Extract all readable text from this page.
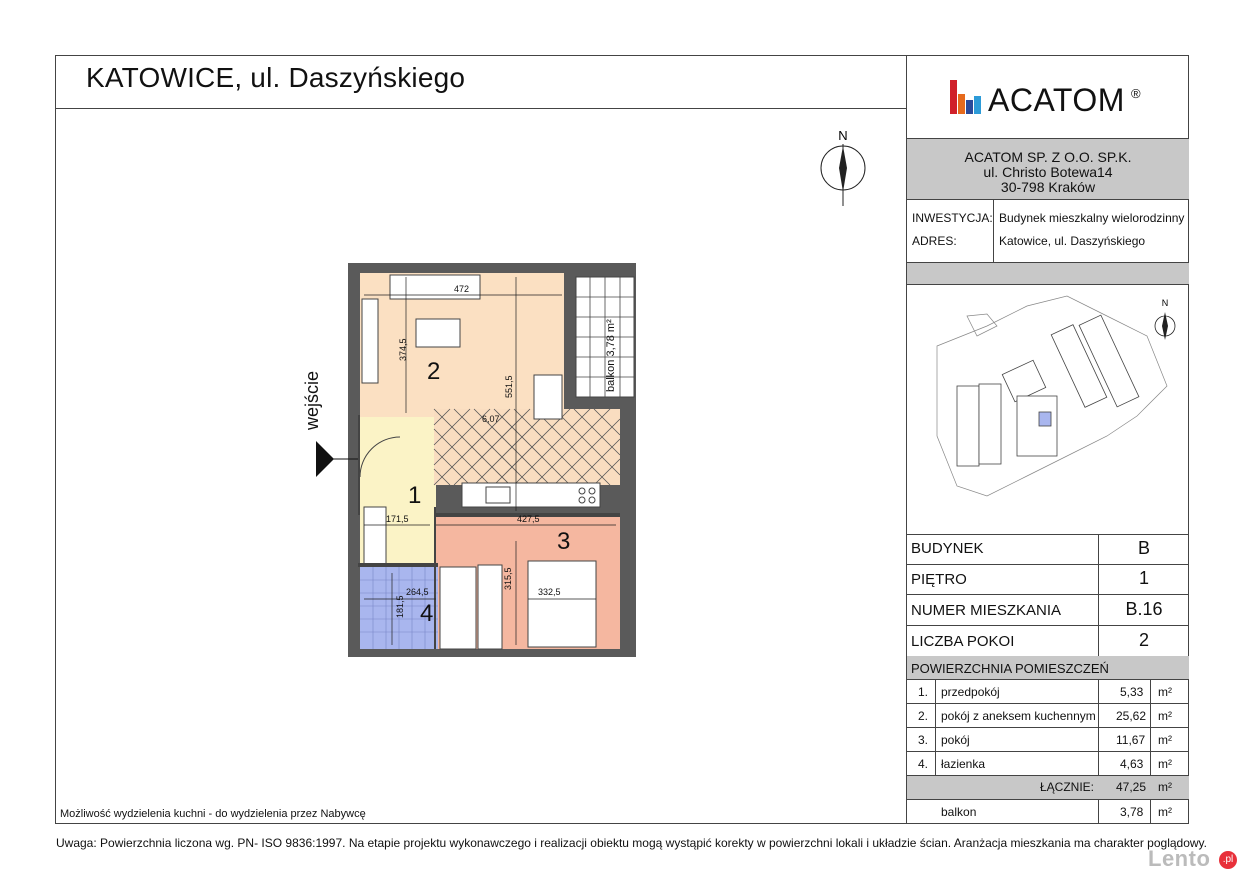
KATOWICE, ul. Daszyńskiego
N
wejście	2
1
3
4
472
374,5
551,5
6,07
171,5	427,5
315,5
332,5
264,5
181,5
balkon 3,78 m²
ACATOM ®
ACATOM SP. Z O.O. SP.K.
ul. Christo Botewa14
30-798 Kraków
INWESTYCJA: Budynek mieszkalny wielorodzinny
ADRES:	Katowice, ul. Daszyńskiego
N
BUDYNEK	B
PIĘTRO	1
NUMER MIESZKANIA	B.16
LICZBA POKOI	2
POWIERZCHNIA POMIESZCZEŃ
1. przedpokój	5,33 m²
2. pokój z aneksem kuchennym 25,62 m²
3. pokój	11,67 m²
4. łazienka	4,63 m²
ŁĄCZNIE: 47,25 m²
balkon	3,78 m²
Możliwość wydzielenia kuchni - do wydzielenia przez Nabywcę
Uwaga: Powierzchnia liczona wg. PN- ISO 9836:1997. Na etapie projektu wykonawczego i realizacji obiektu mogą wystąpić korekty w powierzchni lokali i układzie ścian. Aranżacja mieszkania ma charakter poglądowy.
Lento	.pl
